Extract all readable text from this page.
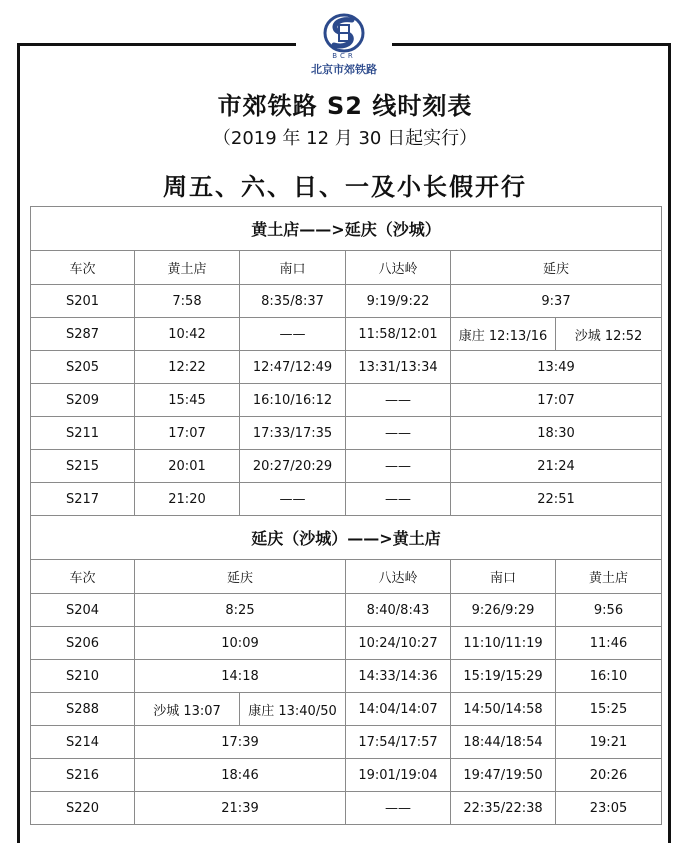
BCR
北京市郊铁路
市郊铁路 S2 线时刻表
（2019 年 12 月 30 日起实行）
周五、六、日、一及小长假开行
黄土店——>延庆（沙城）					
车次	黄土店	南口	八达岭	延庆	
S201	7:58	8:35/8:37	9:19/9:22	9:37	
S287	10:42	——	11:58/12:01	康庄 12:13/16	沙城 12:52
S205	12:22	12:47/12:49	13:31/13:34	13:49	
S209	15:45	16:10/16:12	——	17:07	
S211	17:07	17:33/17:35	——	18:30	
S215	20:01	20:27/20:29	——	21:24	
S217	21:20	——	——	22:51	
延庆（沙城）——>黄土店					
车次	延庆		八达岭	南口	黄土店
S204	8:25		8:40/8:43	9:26/9:29	9:56
S206	10:09		10:24/10:27	11:10/11:19	11:46
S210	14:18		14:33/14:36	15:19/15:29	16:10
S288	沙城 13:07	康庄 13:40/50	14:04/14:07	14:50/14:58	15:25
S214	17:39		17:54/17:57	18:44/18:54	19:21
S216	18:46		19:01/19:04	19:47/19:50	20:26
S220	21:39		——	22:35/22:38	23:05
